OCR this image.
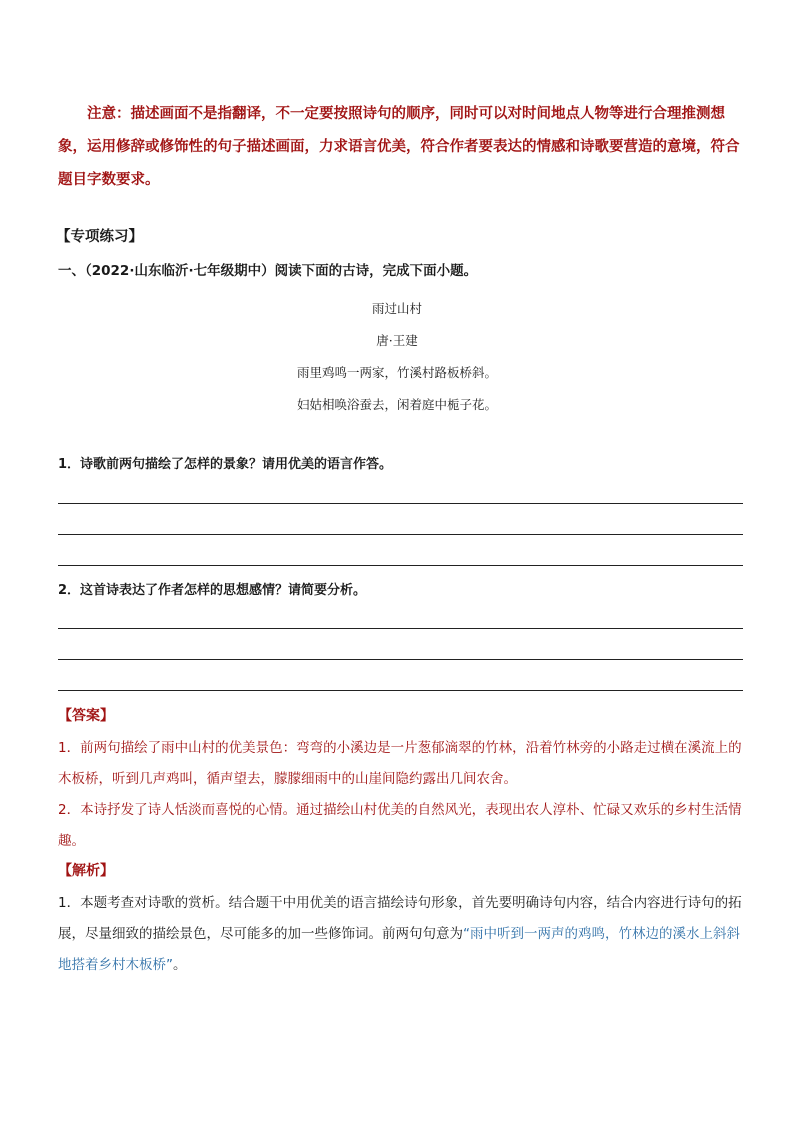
注意：描述画面不是指翻译，不一定要按照诗句的顺序，同时可以对时间地点人物等进行合理推测想象，运用修辞或修饰性的句子描述画面，力求语言优美，符合作者要表达的情感和诗歌要营造的意境，符合题目字数要求。
【专项练习】
一、（2022·山东临沂·七年级期中）阅读下面的古诗，完成下面小题。
雨过山村
唐·王建
雨里鸡鸣一两家，竹溪村路板桥斜。
妇姑相唤浴蚕去，闲着庭中栀子花。
1．诗歌前两句描绘了怎样的景象？请用优美的语言作答。
2．这首诗表达了作者怎样的思想感情？请简要分析。
【答案】
1．前两句描绘了雨中山村的优美景色：弯弯的小溪边是一片葱郁滴翠的竹林，沿着竹林旁的小路走过横在溪流上的木板桥，听到几声鸡叫，循声望去，朦朦细雨中的山崖间隐约露出几间农舍。
2．本诗抒发了诗人恬淡而喜悦的心情。通过描绘山村优美的自然风光，表现出农人淳朴、忙碌又欢乐的乡村生活情趣。
【解析】
1．本题考查对诗歌的赏析。结合题干中用优美的语言描绘诗句形象，首先要明确诗句内容，结合内容进行诗句的拓展，尽量细致的描绘景色，尽可能多的加一些修饰词。前两句句意为“雨中听到一两声的鸡鸣，竹林边的溪水上斜斜地搭着乡村木板桥”。
